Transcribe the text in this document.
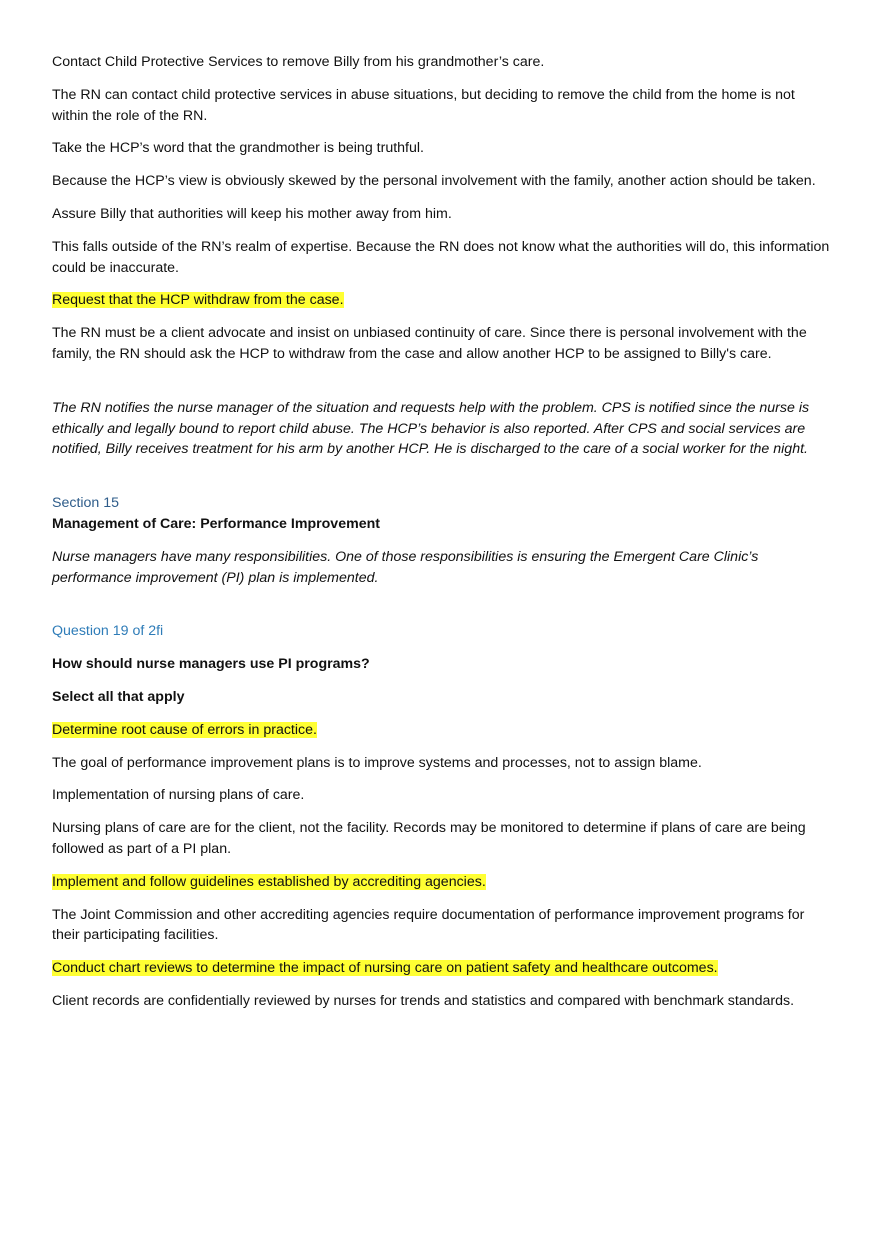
Contact Child Protective Services to remove Billy from his grandmother’s care.

The RN can contact child protective services in abuse situations, but deciding to remove the child from the home is not within the role of the RN.

Take the HCP’s word that the grandmother is being truthful.

Because the HCP’s view is obviously skewed by the personal involvement with the family, another action should be taken.

Assure Billy that authorities will keep his mother away from him.

This falls outside of the RN’s realm of expertise. Because the RN does not know what the authorities will do, this information could be inaccurate.

Request that the HCP withdraw from the case.

The RN must be a client advocate and insist on unbiased continuity of care. Since there is personal involvement with the family, the RN should ask the HCP to withdraw from the case and allow another HCP to be assigned to Billy's care.

The RN notifies the nurse manager of the situation and requests help with the problem. CPS is notified since the nurse is ethically and legally bound to report child abuse. The HCP’s behavior is also reported. After CPS and social services are notified, Billy receives treatment for his arm by another HCP. He is discharged to the care of a social worker for the night.

Section 15

Management of Care: Performance Improvement

Nurse managers have many responsibilities. One of those responsibilities is ensuring the Emergent Care Clinic’s performance improvement (PI) plan is implemented.

Question 19 of 2fi

How should nurse managers use PI programs?

Select all that apply

Determine root cause of errors in practice.

The goal of performance improvement plans is to improve systems and processes, not to assign blame.

Implementation of nursing plans of care.

Nursing plans of care are for the client, not the facility. Records may be monitored to determine if plans of care are being followed as part of a PI plan.

Implement and follow guidelines established by accrediting agencies.

The Joint Commission and other accrediting agencies require documentation of performance improvement programs for their participating facilities.

Conduct chart reviews to determine the impact of nursing care on patient safety and healthcare outcomes.

Client records are confidentially reviewed by nurses for trends and statistics and compared with benchmark standards.
